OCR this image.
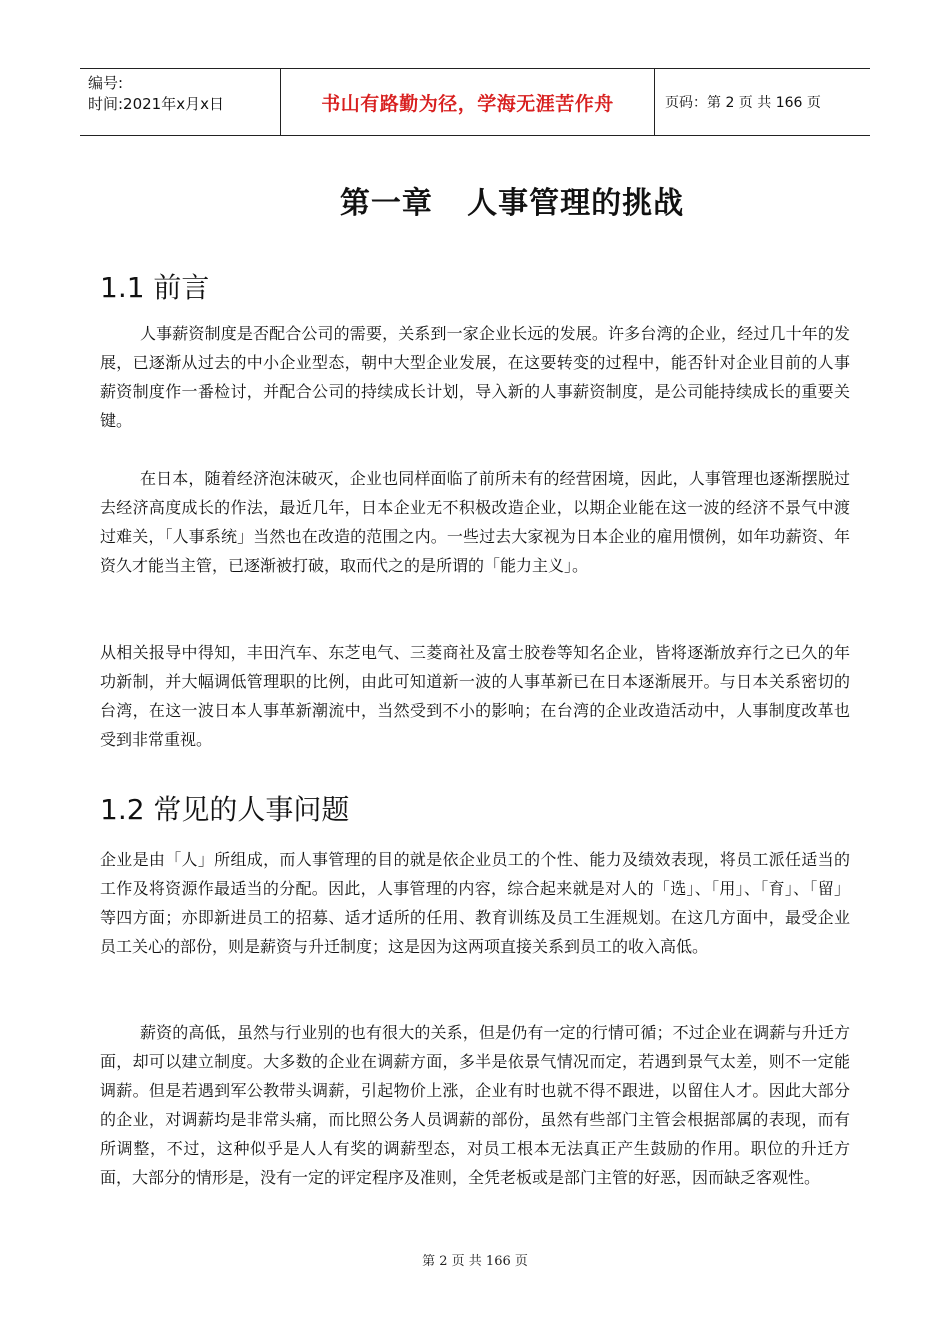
编号:
时间:2021年x月x日	书山有路勤为径，学海无涯苦作舟	页码：第 2 页 共 166 页
第一章   人事管理的挑战
1.1 前言

人事薪资制度是否配合公司的需要，关系到一家企业长远的发展。许多台湾的企业，经过几十年的发展，已逐渐从过去的中小企业型态，朝中大型企业发展，在这要转变的过程中，能否针对企业目前的人事薪资制度作一番检讨，并配合公司的持续成长计划，导入新的人事薪资制度，是公司能持续成长的重要关键。

在日本，随着经济泡沫破灭，企业也同样面临了前所未有的经营困境，因此，人事管理也逐渐摆脱过去经济高度成长的作法，最近几年，日本企业无不积极改造企业，以期企业能在这一波的经济不景气中渡过难关，「人事系统」当然也在改造的范围之内。一些过去大家视为日本企业的雇用惯例，如年功薪资、年资久才能当主管，已逐渐被打破，取而代之的是所谓的「能力主义」。

从相关报导中得知，丰田汽车、东芝电气、三菱商社及富士胶卷等知名企业，皆将逐渐放弃行之已久的年功新制，并大幅调低管理职的比例，由此可知道新一波的人事革新已在日本逐渐展开。与日本关系密切的台湾，在这一波日本人事革新潮流中，当然受到不小的影响；在台湾的企业改造活动中，人事制度改革也受到非常重视。

1.2 常见的人事问题

企业是由「人」所组成，而人事管理的目的就是依企业员工的个性、能力及绩效表现，将员工派任适当的工作及将资源作最适当的分配。因此，人事管理的内容，综合起来就是对人的「选」、「用」、「育」、「留」等四方面；亦即新进员工的招募、适才适所的任用、教育训练及员工生涯规划。在这几方面中，最受企业员工关心的部份，则是薪资与升迁制度；这是因为这两项直接关系到员工的收入高低。

薪资的高低，虽然与行业别的也有很大的关系，但是仍有一定的行情可循；不过企业在调薪与升迁方面，却可以建立制度。大多数的企业在调薪方面，多半是依景气情况而定，若遇到景气太差，则不一定能调薪。但是若遇到军公教带头调薪，引起物价上涨，企业有时也就不得不跟进，以留住人才。因此大部分的企业，对调薪均是非常头痛，而比照公务人员调薪的部份，虽然有些部门主管会根据部属的表现，而有所调整，不过，这种似乎是人人有奖的调薪型态，对员工根本无法真正产生鼓励的作用。职位的升迁方面，大部分的情形是，没有一定的评定程序及准则，全凭老板或是部门主管的好恶，因而缺乏客观性。

第 2 页 共 166 页
